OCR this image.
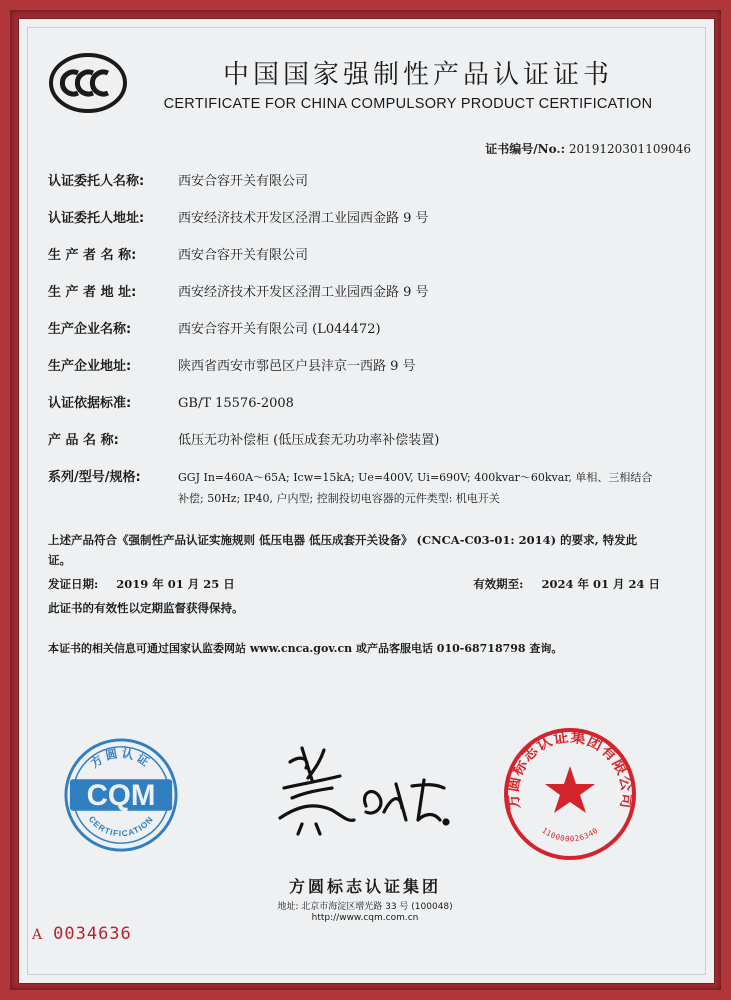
中国国家强制性产品认证证书
CERTIFICATE FOR CHINA COMPULSORY PRODUCT CERTIFICATION
证书编号/No.: 2019120301109046
认证委托人名称:	西安合容开关有限公司
认证委托人地址:	西安经济技术开发区泾渭工业园西金路 9 号
生 产 者 名 称:	西安合容开关有限公司
生 产 者 地 址:	西安经济技术开发区泾渭工业园西金路 9 号
生产企业名称:	西安合容开关有限公司 (L044472)
生产企业地址:	陕西省西安市鄠邑区户县沣京一西路 9 号
认证依据标准:	GB/T 15576-2008
产 品 名 称:	低压无功补偿柜 (低压成套无功功率补偿装置)
系列/型号/规格:	GGJ In=460A～65A; Icw=15kA; Ue=400V, Ui=690V; 400kvar～60kvar, 单相、三相结合补偿; 50Hz; IP40, 户内型; 控制投切电容器的元件类型: 机电开关
上述产品符合《强制性产品认证实施规则 低压电器 低压成套开关设备》 (CNCA-C03-01: 2014) 的要求, 特发此证。
发证日期: 2019 年 01 月 25 日	有效期至: 2024 年 01 月 24 日
此证书的有效性以定期监督获得保持。
本证书的相关信息可通过国家认监委网站 www.cnca.gov.cn 或产品客服电话 010-68718798 查询。
方圆认证
CQM
CERTIFICATION
方圆标志认证集团有限公司
110000026340
方圆标志认证集团
地址: 北京市海淀区增光路 33 号 (100048)
http://www.cqm.com.cn
A 0034636
